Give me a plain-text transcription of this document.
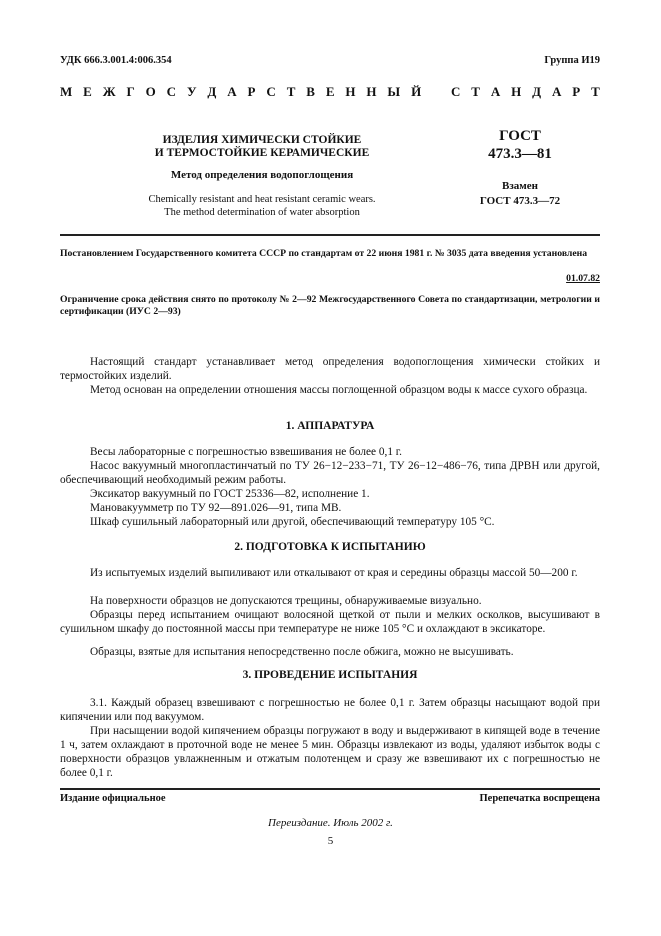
УДК 666.3.001.4:006.354	Группа И19
М Е Ж Г О С У Д А Р С Т В Е Н Н Ы Й С Т А Н Д А Р Т
ИЗДЕЛИЯ ХИМИЧЕСКИ СТОЙКИЕ
И ТЕРМОСТОЙКИЕ КЕРАМИЧЕСКИЕ
Метод определения водопоглощения
Chemically resistant and heat resistant ceramic wears.
The method determination of water absorption
ГОСТ
473.3—81
Взамен
ГОСТ 473.3—72
Постановлением Государственного комитета СССР по стандартам от 22 июня 1981 г. № 3035 дата введения установлена
01.07.82
Ограничение срока действия снято по протоколу № 2—92 Межгосударственного Совета по стандартизации, метрологии и сертификации (ИУС 2—93)
Настоящий стандарт устанавливает метод определения водопоглощения химически стойких и термостойких изделий.
Метод основан на определении отношения массы поглощенной образцом воды к массе сухого образца.
1. АППАРАТУРА
Весы лабораторные с погрешностью взвешивания не более 0,1 г.
Насос вакуумный многопластинчатый по ТУ 26−12−233−71, ТУ 26−12−486−76, типа ДРВН или другой, обеспечивающий необходимый режим работы.
Эксикатор вакуумный по ГОСТ 25336—82, исполнение 1.
Мановакуумметр по ТУ 92—891.026—91, типа МВ.
Шкаф сушильный лабораторный или другой, обеспечивающий температуру 105 °С.
2. ПОДГОТОВКА К ИСПЫТАНИЮ
Из испытуемых изделий выпиливают или откалывают от края и середины образцы массой 50—200 г.
На поверхности образцов не допускаются трещины, обнаруживаемые визуально.
Образцы перед испытанием очищают волосяной щеткой от пыли и мелких осколков, высушивают в сушильном шкафу до постоянной массы при температуре не ниже 105 °С и охлаждают в эксикаторе.
Образцы, взятые для испытания непосредственно после обжига, можно не высушивать.
3. ПРОВЕДЕНИЕ ИСПЫТАНИЯ
3.1. Каждый образец взвешивают с погрешностью не более 0,1 г. Затем образцы насыщают водой при кипячении или под вакуумом.
При насыщении водой кипячением образцы погружают в воду и выдерживают в кипящей воде в течение 1 ч, затем охлаждают в проточной воде не менее 5 мин. Образцы извлекают из воды, удаляют избыток воды с поверхности образцов увлажненным и отжатым полотенцем и сразу же взвешивают их с погрешностью не более 0,1 г.
Издание официальное	Перепечатка воспрещена
Переиздание. Июль 2002 г.
5
